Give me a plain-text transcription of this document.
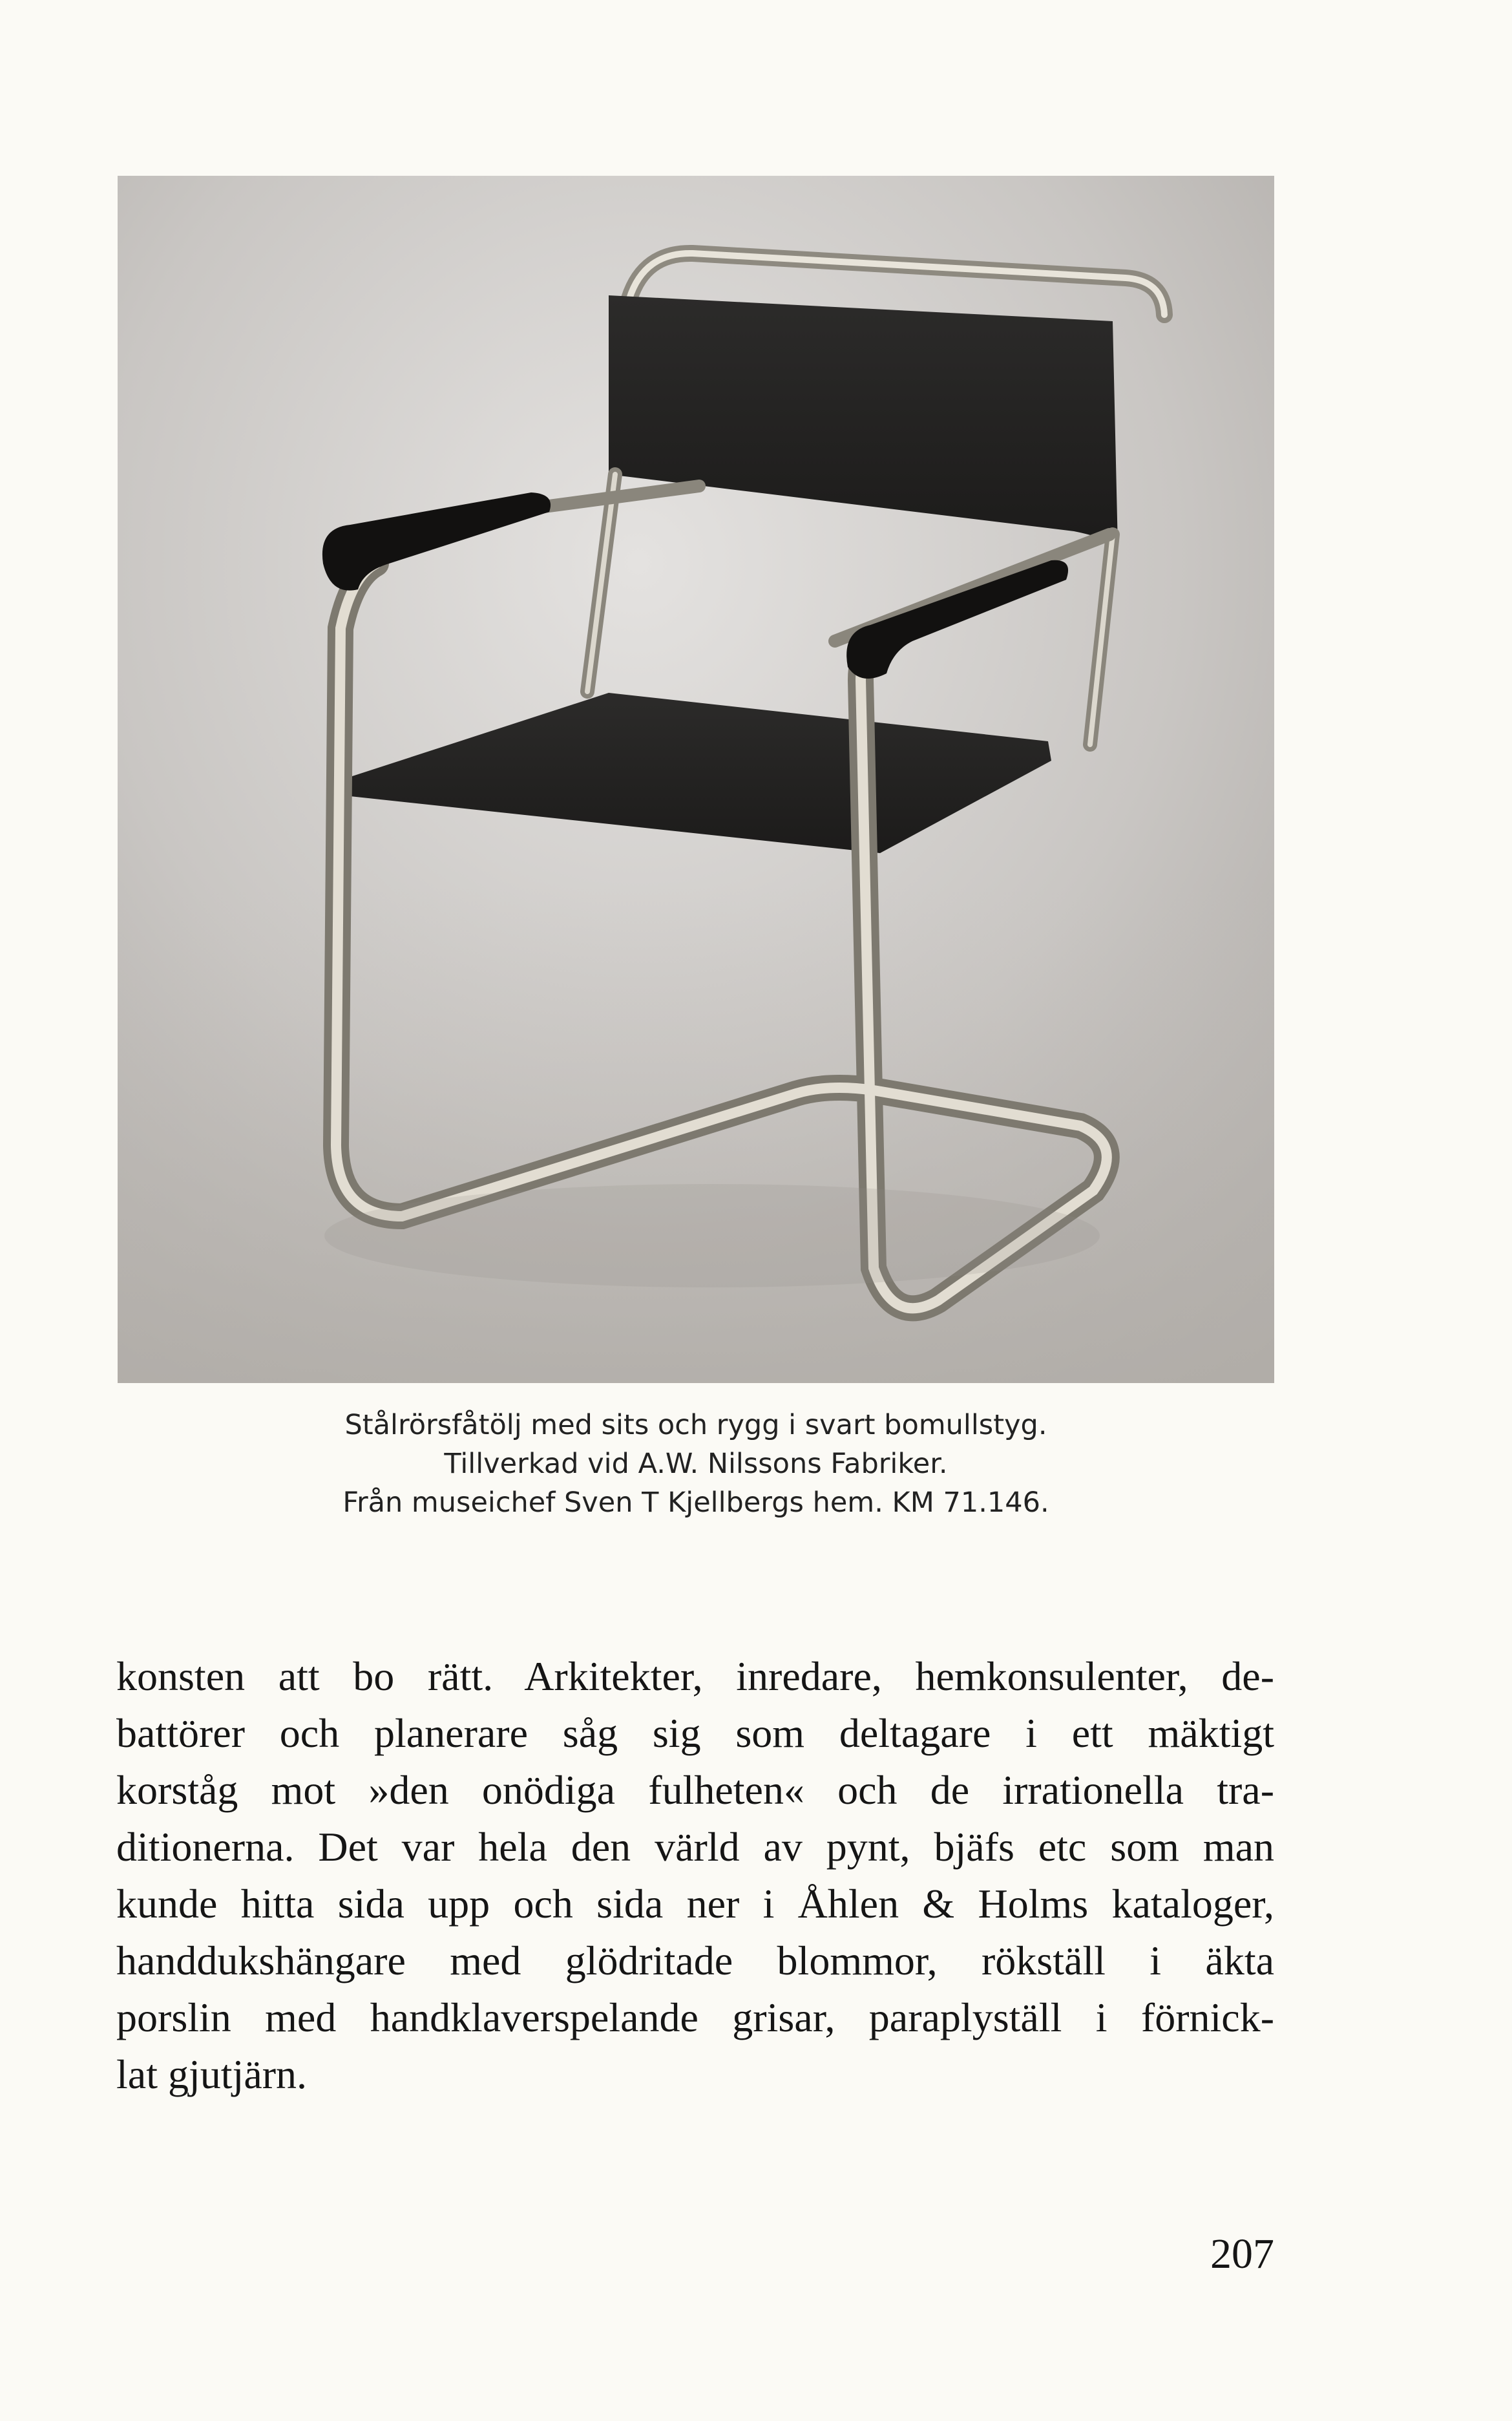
Stålrörsfåtölj med sits och rygg i svart bomullstyg.
Tillverkad vid A.W. Nilssons Fabriker.
Från museichef Sven T Kjellbergs hem. KM 71.146.
konsten att bo rätt. Arkitekter, inredare, hemkonsulenter, de-
battörer och planerare såg sig som deltagare i ett mäktigt
korståg mot »den onödiga fulheten« och de irrationella tra-
ditionerna. Det var hela den värld av pynt, bjäfs etc som man
kunde hitta sida upp och sida ner i Åhlen & Holms kataloger,
handdukshängare med glödritade blommor, rökställ i äkta
porslin med handklaverspelande grisar, paraplyställ i förnick-
lat gjutjärn.
207
